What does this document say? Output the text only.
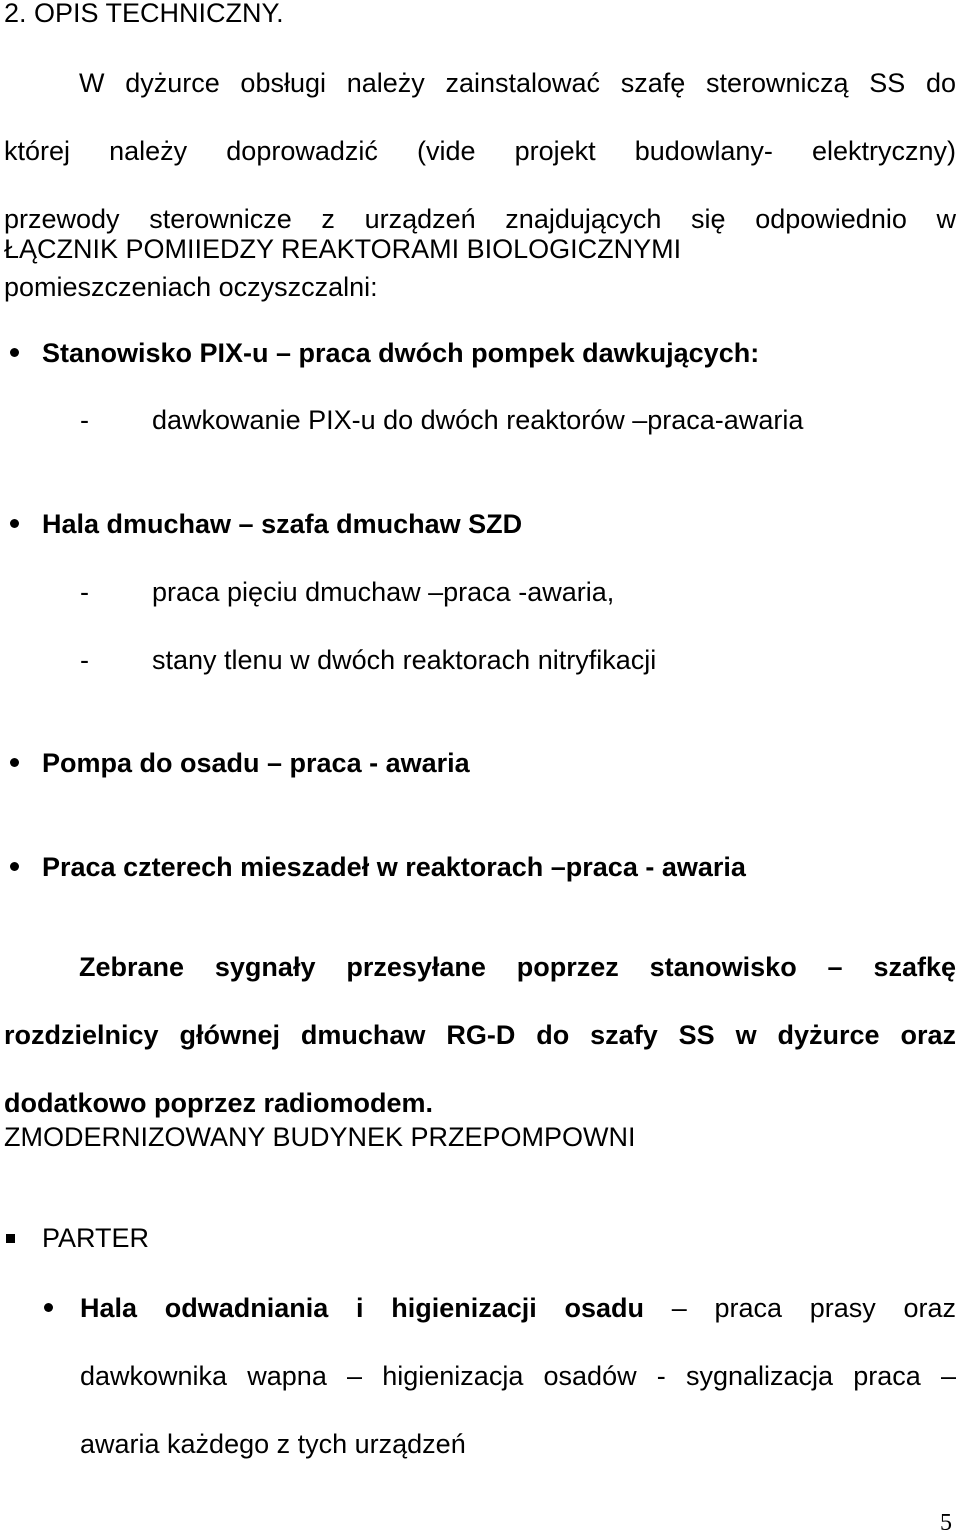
2. OPIS TECHNICZNY.
W dyżurce obsługi należy zainstalować szafę sterowniczą SS do
której należy doprowadzić (vide projekt budowlany- elektryczny)
przewody sterownicze z urządzeń znajdujących się odpowiednio w
pomieszczeniach oczyszczalni:
ŁĄCZNIK POMIIEDZY REAKTORAMI BIOLOGICZNYMI
Stanowisko PIX-u – praca dwóch pompek dawkujących:
- dawkowanie PIX-u do dwóch reaktorów –praca-awaria
Hala dmuchaw – szafa dmuchaw SZD
- praca pięciu dmuchaw –praca -awaria,
- stany tlenu w dwóch reaktorach nitryfikacji
Pompa do osadu – praca - awaria
Praca czterech mieszadeł w reaktorach –praca - awaria
Zebrane sygnały przesyłane poprzez stanowisko – szafkę
rozdzielnicy głównej dmuchaw RG-D do szafy SS w dyżurce oraz
dodatkowo poprzez radiomodem.
ZMODERNIZOWANY BUDYNEK PRZEPOMPOWNI
PARTER
Hala odwadniania i higienizacji osadu – praca prasy oraz
dawkownika wapna – higienizacja osadów - sygnalizacja praca –
awaria każdego z tych urządzeń
5
